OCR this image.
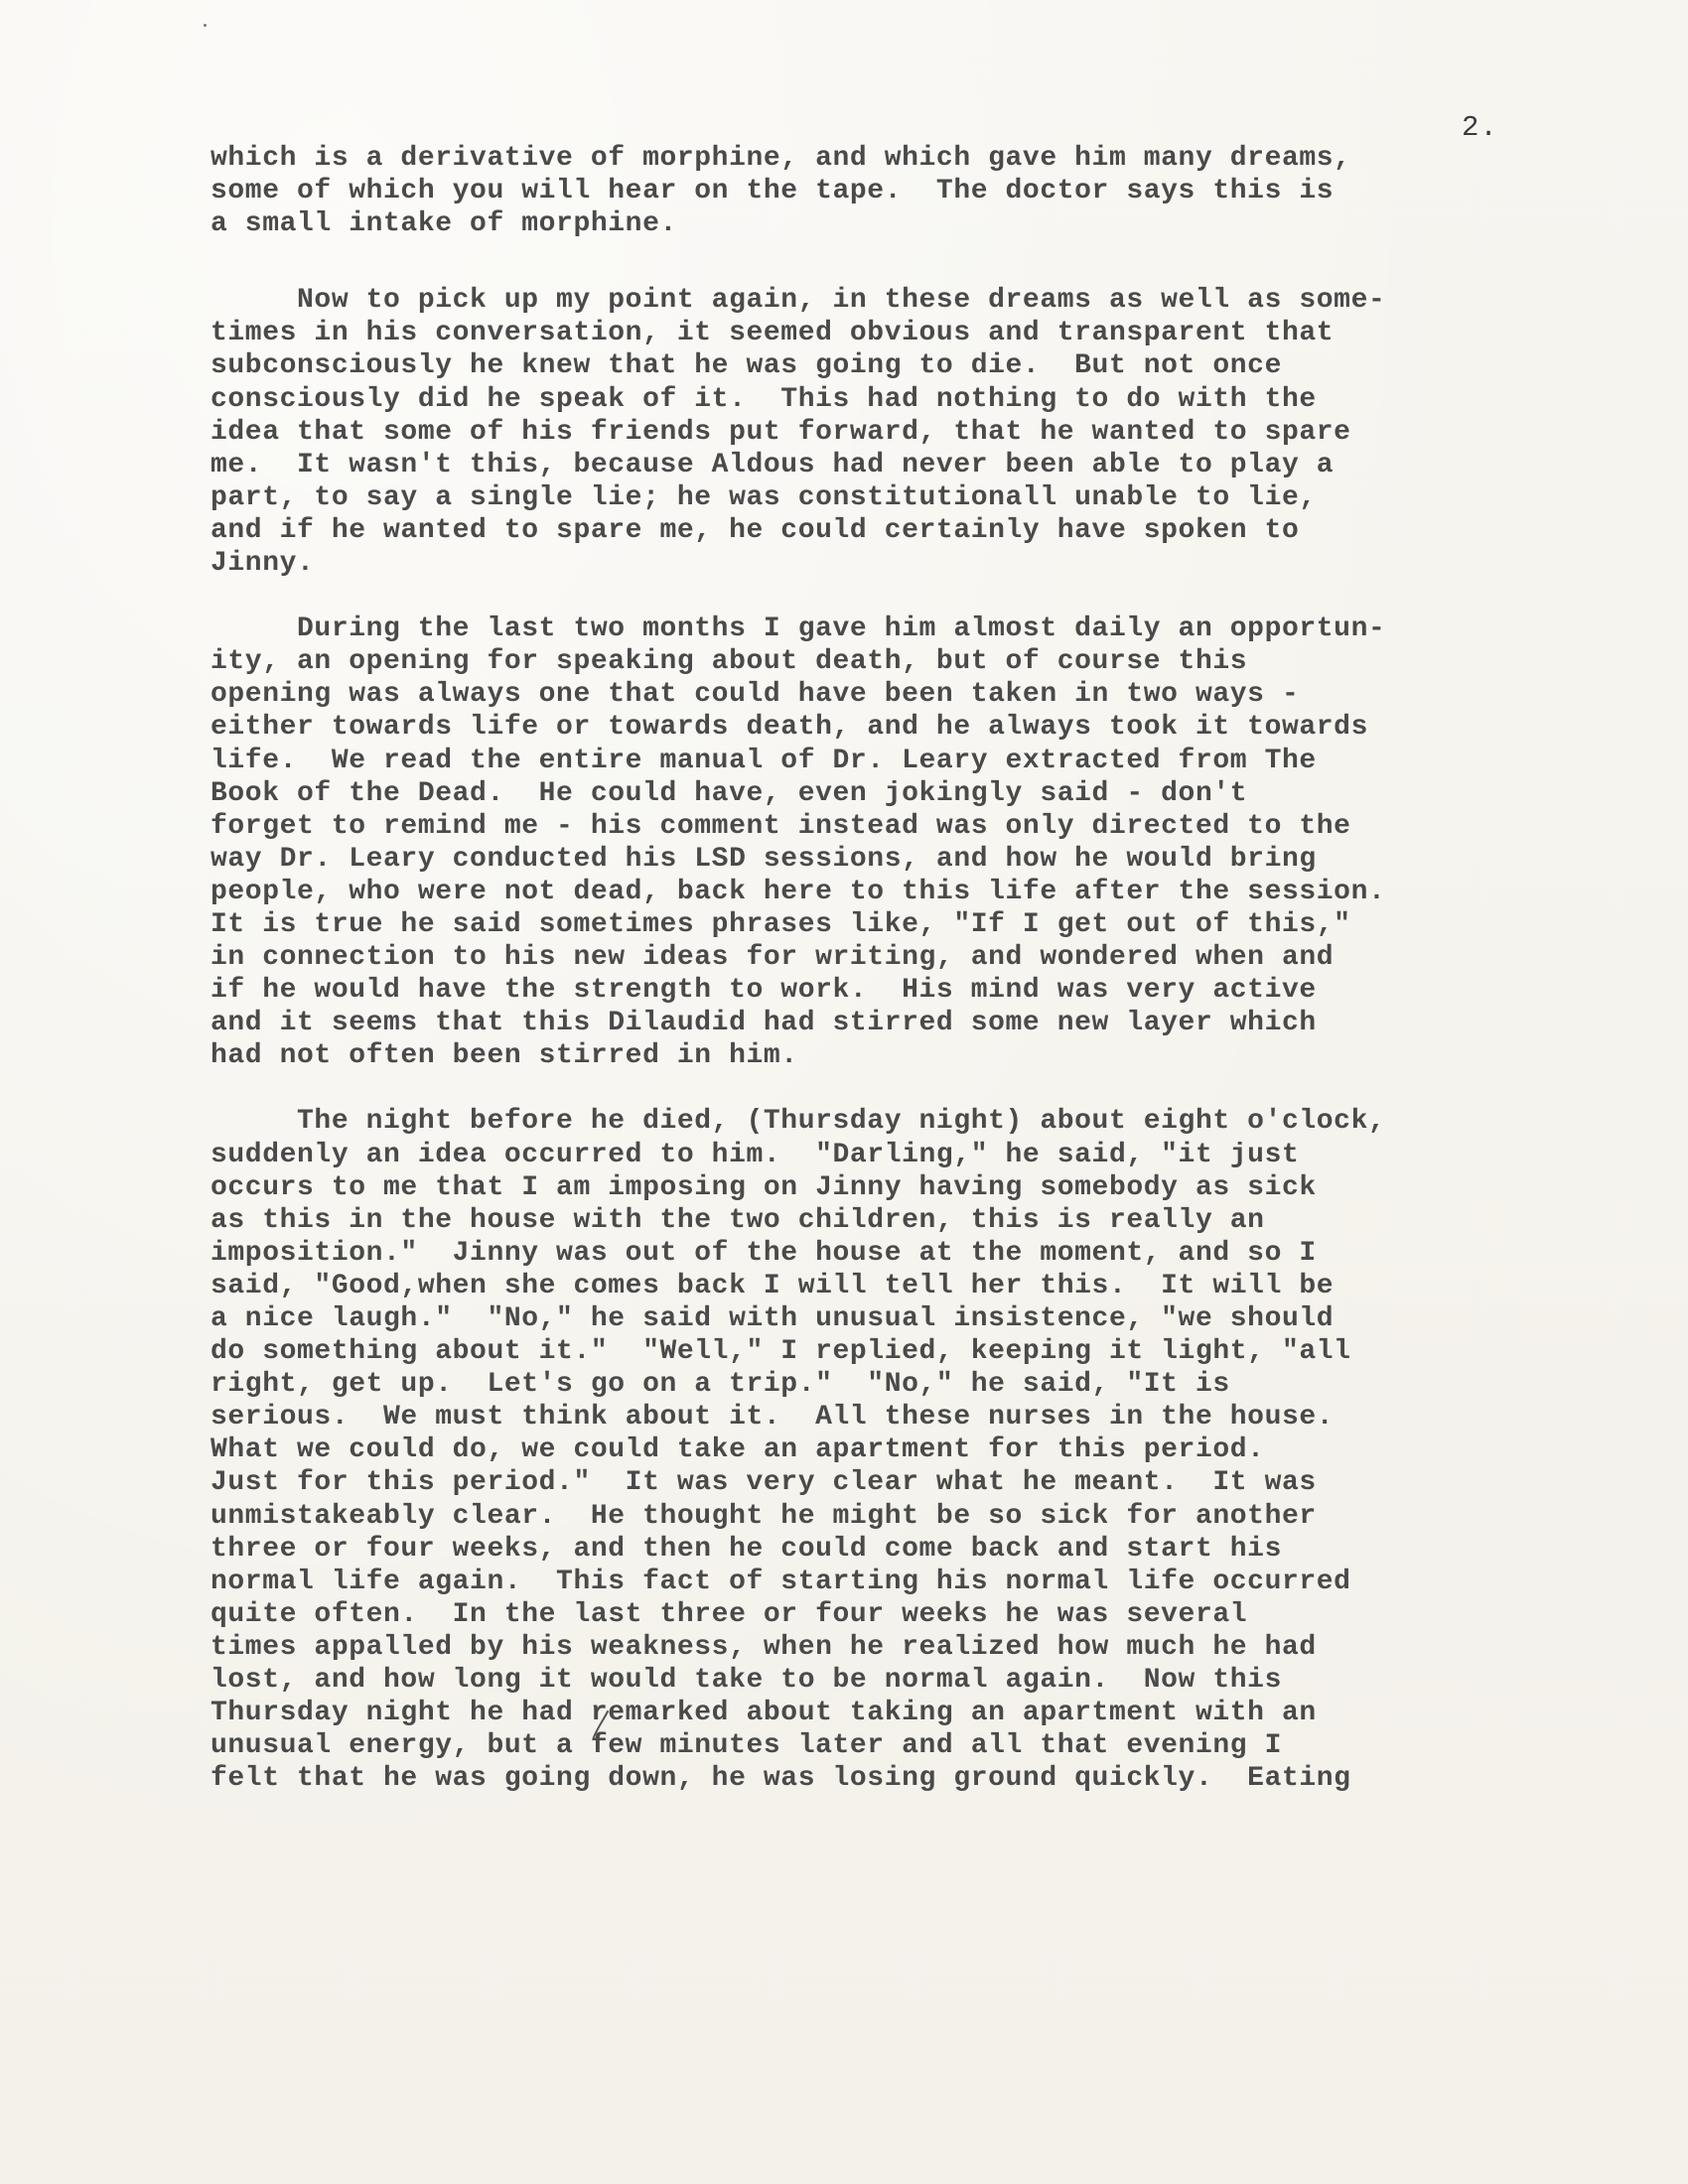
2.
which is a derivative of morphine, and which gave him many dreams,
some of which you will hear on the tape.  The doctor says this is
a small intake of morphine.
Now to pick up my point again, in these dreams as well as some-
times in his conversation, it seemed obvious and transparent that
subconsciously he knew that he was going to die.  But not once
consciously did he speak of it.  This had nothing to do with the
idea that some of his friends put forward, that he wanted to spare
me.  It wasn't this, because Aldous had never been able to play a
part, to say a single lie; he was constitutionall unable to lie,
and if he wanted to spare me, he could certainly have spoken to
Jinny.
During the last two months I gave him almost daily an opportun-
ity, an opening for speaking about death, but of course this
opening was always one that could have been taken in two ways -
either towards life or towards death, and he always took it towards
life.  We read the entire manual of Dr. Leary extracted from The
Book of the Dead.  He could have, even jokingly said - don't
forget to remind me - his comment instead was only directed to the
way Dr. Leary conducted his LSD sessions, and how he would bring
people, who were not dead, back here to this life after the session.
It is true he said sometimes phrases like, "If I get out of this,"
in connection to his new ideas for writing, and wondered when and
if he would have the strength to work.  His mind was very active
and it seems that this Dilaudid had stirred some new layer which
had not often been stirred in him.
The night before he died, (Thursday night) about eight o'clock,
suddenly an idea occurred to him.  "Darling," he said, "it just
occurs to me that I am imposing on Jinny having somebody as sick
as this in the house with the two children, this is really an
imposition."  Jinny was out of the house at the moment, and so I
said, "Good,when she comes back I will tell her this.  It will be
a nice laugh."  "No," he said with unusual insistence, "we should
do something about it."  "Well," I replied, keeping it light, "all
right, get up.  Let's go on a trip."  "No," he said, "It is
serious.  We must think about it.  All these nurses in the house.
What we could do, we could take an apartment for this period.
Just for this period."  It was very clear what he meant.  It was
unmistakeably clear.  He thought he might be so sick for another
three or four weeks, and then he could come back and start his
normal life again.  This fact of starting his normal life occurred
quite often.  In the last three or four weeks he was several
times appalled by his weakness, when he realized how much he had
lost, and how long it would take to be normal again.  Now this
Thursday night he had remarked about taking an apartment with an
unusual energy, but a few minutes later and all that evening I
felt that he was going down, he was losing ground quickly.  Eating
